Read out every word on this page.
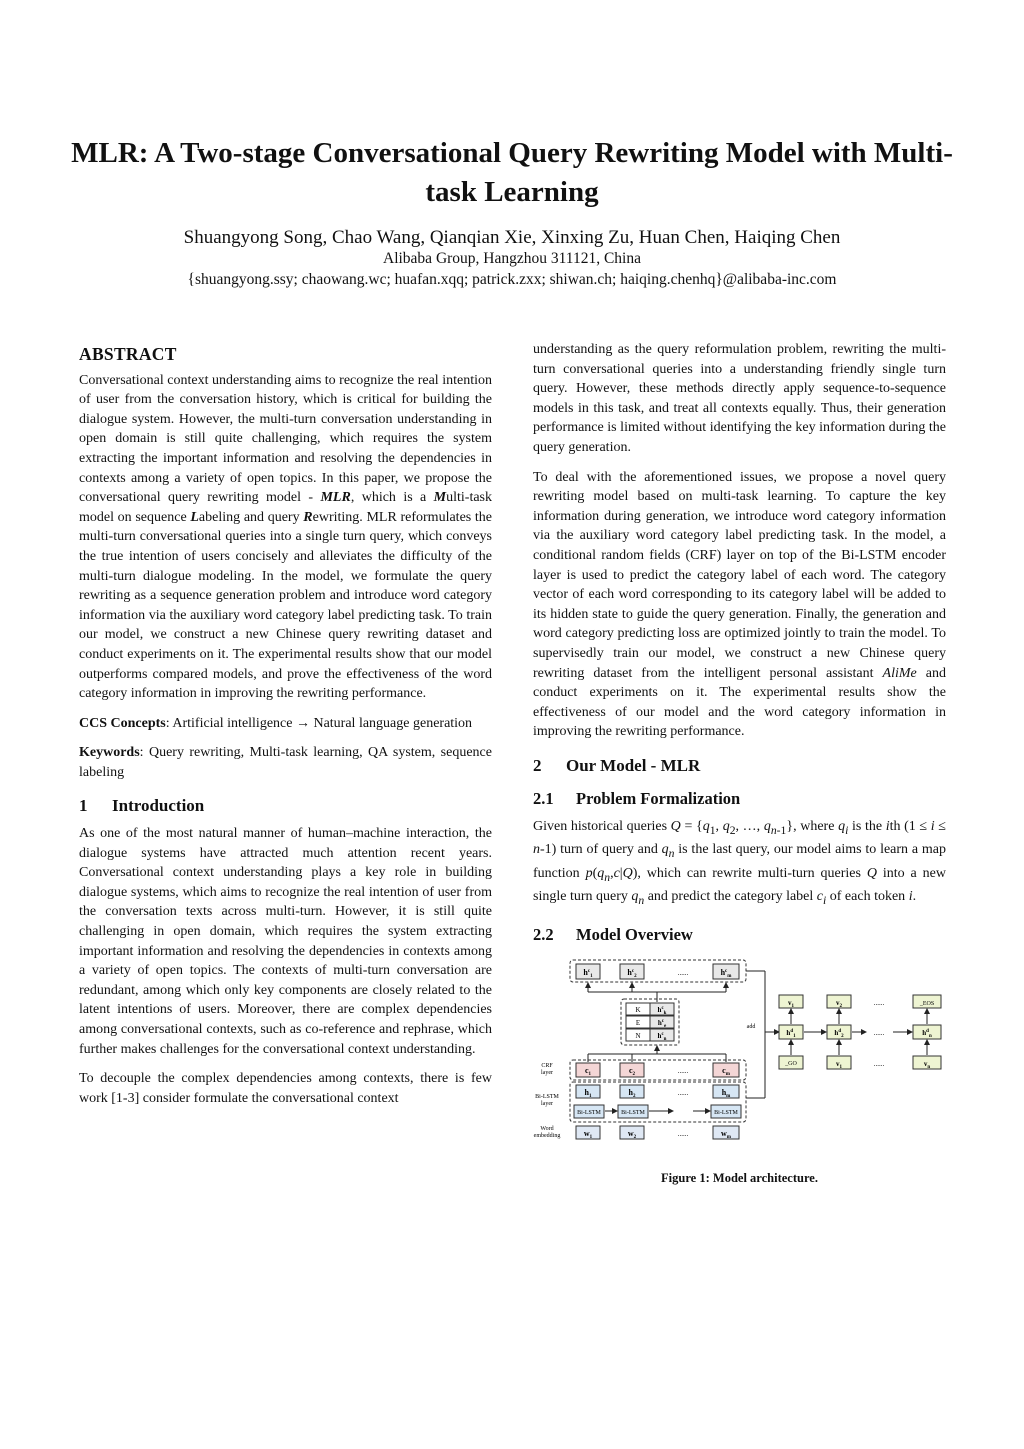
MLR: A Two-stage Conversational Query Rewriting Model with Multi-task Learning
Shuangyong Song, Chao Wang, Qianqian Xie, Xinxing Zu, Huan Chen, Haiqing Chen
Alibaba Group, Hangzhou 311121, China
{shuangyong.ssy; chaowang.wc; huafan.xqq; patrick.zxx; shiwan.ch; haiqing.chenhq}@alibaba-inc.com
ABSTRACT

Conversational context understanding aims to recognize the real intention of user from the conversation history, which is critical for building the dialogue system. However, the multi-turn conversation understanding in open domain is still quite challenging, which requires the system extracting the important information and resolving the dependencies in contexts among a variety of open topics. In this paper, we propose the conversational query rewriting model - MLR, which is a Multi-task model on sequence Labeling and query Rewriting. MLR reformulates the multi-turn conversational queries into a single turn query, which conveys the true intention of users concisely and alleviates the difficulty of the multi-turn dialogue modeling. In the model, we formulate the query rewriting as a sequence generation problem and introduce word category information via the auxiliary word category label predicting task. To train our model, we construct a new Chinese query rewriting dataset and conduct experiments on it. The experimental results show that our model outperforms compared models, and prove the effectiveness of the word category information in improving the rewriting performance.

CCS Concepts: Artificial intelligence → Natural language generation

Keywords: Query rewriting, Multi-task learning, QA system, sequence labeling

1 Introduction

As one of the most natural manner of human–machine interaction, the dialogue systems have attracted much attention recent years. Conversational context understanding plays a key role in building dialogue systems, which aims to recognize the real intention of user from the conversation texts across multi-turn. However, it is still quite challenging in open domain, which requires the system extracting important information and resolving the dependencies in contexts among a variety of open topics. The contexts of multi-turn conversation are redundant, among which only key components are closely related to the latent intentions of users. Moreover, there are complex dependencies among conversational contexts, such as co-reference and rephrase, which further makes challenges for the conversational context understanding.

To decouple the complex dependencies among contexts, there is few work [1-3] consider formulate the conversational context

understanding as the query reformulation problem, rewriting the multi-turn conversational queries into a understanding friendly single turn query. However, these methods directly apply sequence-to-sequence models in this task, and treat all contexts equally. Thus, their generation performance is limited without identifying the key information during the query generation.

To deal with the aforementioned issues, we propose a novel query rewriting model based on multi-task learning. To capture the key information during generation, we introduce word category information via the auxiliary word category label predicting task. In the model, a conditional random fields (CRF) layer on top of the Bi-LSTM encoder layer is used to predict the category label of each word. The category vector of each word corresponding to its category label will be added to its hidden state to guide the query generation. Finally, the generation and word category predicting loss are optimized jointly to train the model. To supervisedly train our model, we construct a new Chinese query rewriting dataset from the intelligent personal assistant AliMe and conduct experiments on it. The experimental results show the effectiveness of our model and the word category information in improving the rewriting performance.

2 Our Model - MLR
2.1 Problem Formalization

Given historical queries $Q = \{q_1$, $q_2$, …, $q_{n-1}$}, where $q_i$ is the ith (1 ≤ i ≤ n-1) turn of query and $q_n$ is the last query, our model aims to learn a map function $p(q_n,c|Q)$, which can rewrite multi-turn queries Q into a new single turn query $q_n$ and predict the category label $c_i$ of each token i.

2.2 Model Overview
$h^c_1$	$h^c_2$	......	$h^c_m$
K $h^c_k$
E	$h^c_e$
N $h^c_n$
CRF
layer	$c_1$	$c_2$	......	$c_m$
Bi-LSTM
layer
$h_1$	$h_2$	......	$h_m$
Bi-LSTM	Bi-LSTM	Bi-LSTM
Word
embedding	$w_1$	$w_2$	......	$w_m$
add
$v_1$	$v_2$	......	_EOS
$h^d_1$	$h^d_2$	......	$h^d_n$
_GO	$v_1$	......	$v_n$
Figure 1: Model architecture.
